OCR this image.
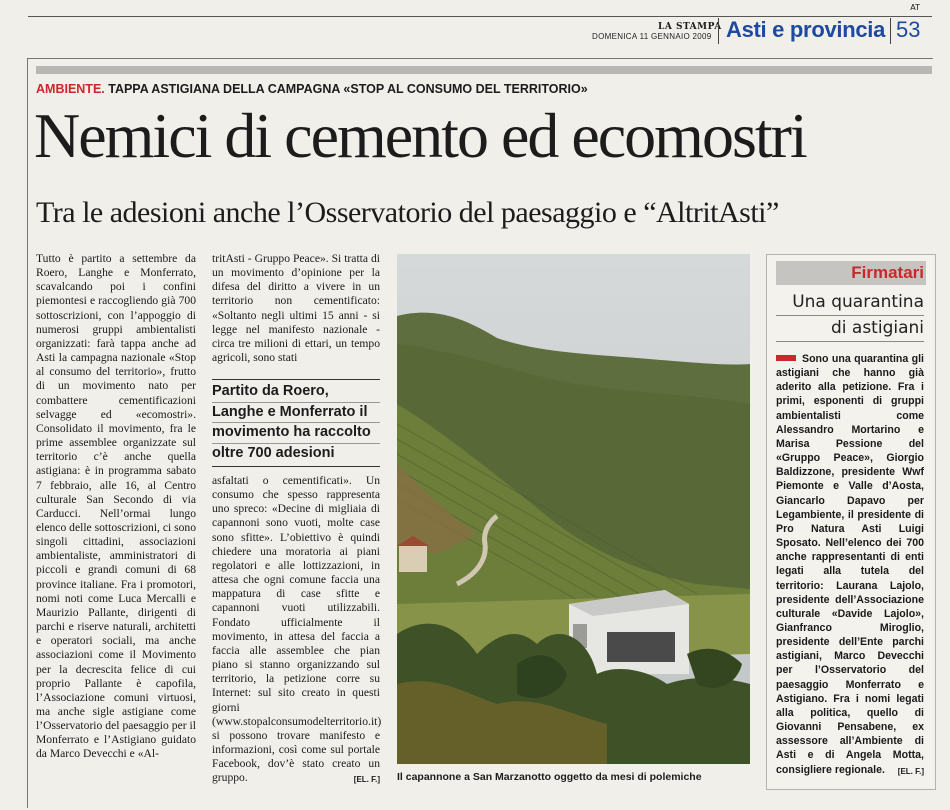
AT
LA STAMPA
DOMENICA 11 GENNAIO 2009 Asti e provincia 53
AMBIENTE. TAPPA ASTIGIANA DELLA CAMPAGNA «STOP AL CONSUMO DEL TERRITORIO»
Nemici di cemento ed ecomostri
Tra le adesioni anche l’Osservatorio del paesaggio e “AltritAsti”
Tutto è partito a settembre da Roero, Langhe e Monferrato, scavalcando poi i confini piemontesi e raccogliendo già 700 sottoscrizioni, con l’appoggio di numerosi gruppi ambientalisti organizzati: farà tappa anche ad Asti la campagna nazionale «Stop al consumo del territorio», frutto di un movimento nato per combattere cementificazioni selvagge ed «ecomostri». Consolidato il movimento, fra le prime assemblee organizzate sul territorio c’è anche quella astigiana: è in programma sabato 7 febbraio, alle 16, al Centro culturale San Secondo di via Carducci. Nell’ormai lungo elenco delle sottoscrizioni, ci sono singoli cittadini, associazioni ambientaliste, amministratori di piccoli e grandi comuni di 68 province italiane. Fra i promotori, nomi noti come Luca Mercalli e Maurizio Pallante, dirigenti di parchi e riserve naturali, architetti e operatori sociali, ma anche associazioni come il Movimento per la decrescita felice di cui proprio Pallante è capofila, l’Associazione comuni virtuosi, ma anche sigle astigiane come l’Osservatorio del paesaggio per il Monferrato e l’Astigiano guidato da Marco Devecchi e «Al-
tritAsti - Gruppo Peace». Si tratta di un movimento d’opinione per la difesa del diritto a vivere in un territorio non cementificato: «Soltanto negli ultimi 15 anni - si legge nel manifesto nazionale - circa tre milioni di ettari, un tempo agricoli, sono stati
Partito da Roero,
Langhe e Monferrato il
movimento ha raccolto
oltre 700 adesioni
asfaltati o cementificati». Un consumo che spesso rappresenta uno spreco: «Decine di migliaia di capannoni sono vuoti, molte case sono sfitte». L’obiettivo è quindi chiedere una moratoria ai piani regolatori e alle lottizzazioni, in attesa che ogni comune faccia una mappatura di case sfitte e capannoni vuoti utilizzabili. Fondato ufficialmente il movimento, in attesa del faccia a faccia alle assemblee che pian piano si stanno organizzando sul territorio, la petizione corre su Internet: sul sito creato in questi giorni (www.stopalconsumodelterritorio.it) si possono trovare manifesto e informazioni, così come sul portale Facebook, dov’è stato creato un gruppo.	[EL. F.] Il capannone a San Marzanotto oggetto da mesi di polemiche
Firmatari
Una quarantina
di astigiani
Sono una quarantina gli astigiani che hanno già aderito alla petizione. Fra i primi, esponenti di gruppi ambientalisti come Alessandro Mortarino e Marisa Pessione del «Gruppo Peace», Giorgio Baldizzone, presidente Wwf Piemonte e Valle d’Aosta, Giancarlo Dapavo per Legambiente, il presidente di Pro Natura Asti Luigi Sposato. Nell’elenco dei 700 anche rappresentanti di enti legati alla tutela del territorio: Laurana Lajolo, presidente dell’Associazione culturale «Davide Lajolo», Gianfranco Miroglio, presidente dell’Ente parchi astigiani, Marco Devecchi per l’Osservatorio del paesaggio Monferrato e Astigiano. Fra i nomi legati alla politica, quello di Giovanni Pensabene, ex assessore all’Ambiente di Asti e di Angela Motta, consigliere regionale. [EL. F.]
